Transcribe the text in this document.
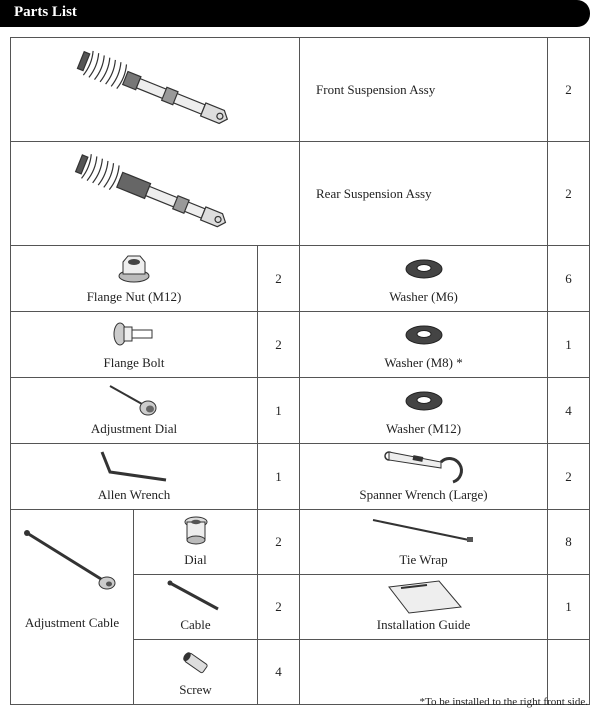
Parts List
	Front Suspension Assy	2

	Rear Suspension Assy	2

Flange Nut (M12)		2	Washer (M6)	6

Flange Bolt		2	Washer (M8) *	1

Adjustment Dial		1	Washer (M12)	4

Allen Wrench		1	Spanner Wrench (Large)	2

Adjustment Cable	Dial	2	Tie Wrap	8

	Cable	2	Installation Guide	1

	Screw	4		
*To be installed to the right front side.
